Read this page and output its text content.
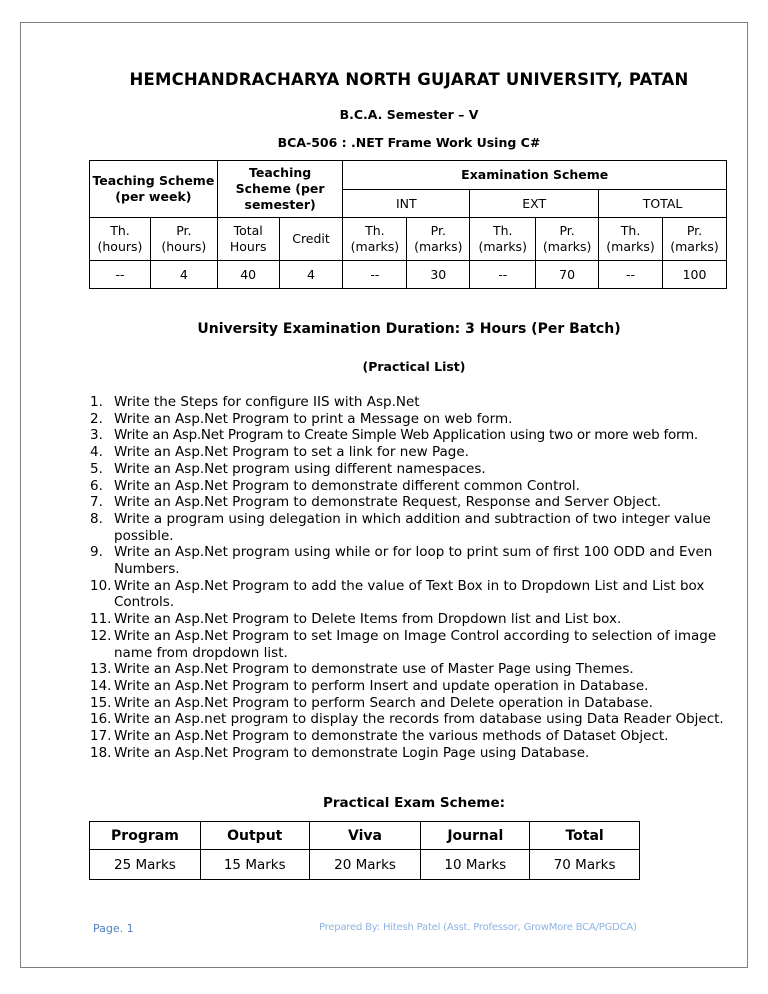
HEMCHANDRACHARYA NORTH GUJARAT UNIVERSITY, PATAN
B.C.A. Semester – V
BCA-506 : .NET Frame Work Using C#
Teaching Scheme (per week)		Teaching Scheme (per semester)		Examination Scheme					
				INT		EXT		TOTAL	
Th. (hours)	Pr. (hours)	Total Hours	Credit	Th. (marks)	Pr. (marks)	Th. (marks)	Pr. (marks)	Th. (marks)	Pr. (marks)
--	4	40	4	--	30	--	70	--	100
University Examination Duration: 3 Hours (Per Batch)
(Practical List)
1. Write the Steps for configure IIS with Asp.Net
2. Write an Asp.Net Program to print a Message on web form.
3. Write an Asp.Net Program to Create Simple Web Application using two or more web form.
4. Write an Asp.Net Program to set a link for new Page.
5. Write an Asp.Net program using different namespaces.
6. Write an Asp.Net Program to demonstrate different common Control.
7. Write an Asp.Net Program to demonstrate Request, Response and Server Object.
8. Write a program using delegation in which addition and subtraction of two integer value possible.
9. Write an Asp.Net program using while or for loop to print sum of first 100 ODD and Even Numbers.
10. Write an Asp.Net Program to add the value of Text Box in to Dropdown List and List box Controls.
11. Write an Asp.Net Program to Delete Items from Dropdown list and List box.
12. Write an Asp.Net Program to set Image on Image Control according to selection of image name from dropdown list.
13. Write an Asp.Net Program to demonstrate use of Master Page using Themes.
14. Write an Asp.Net Program to perform Insert and update operation in Database.
15. Write an Asp.Net Program to perform Search and Delete operation in Database.
16. Write an Asp.net program to display the records from database using Data Reader Object.
17. Write an Asp.Net Program to demonstrate the various methods of Dataset Object.
18. Write an Asp.Net Program to demonstrate Login Page using Database.
Practical Exam Scheme:
Program	Output	Viva	Journal	Total
25 Marks	15 Marks	20 Marks	10 Marks	70 Marks
Page. 1	Prepared By: Hitesh Patel (Asst. Professor, GrowMore BCA/PGDCA)
